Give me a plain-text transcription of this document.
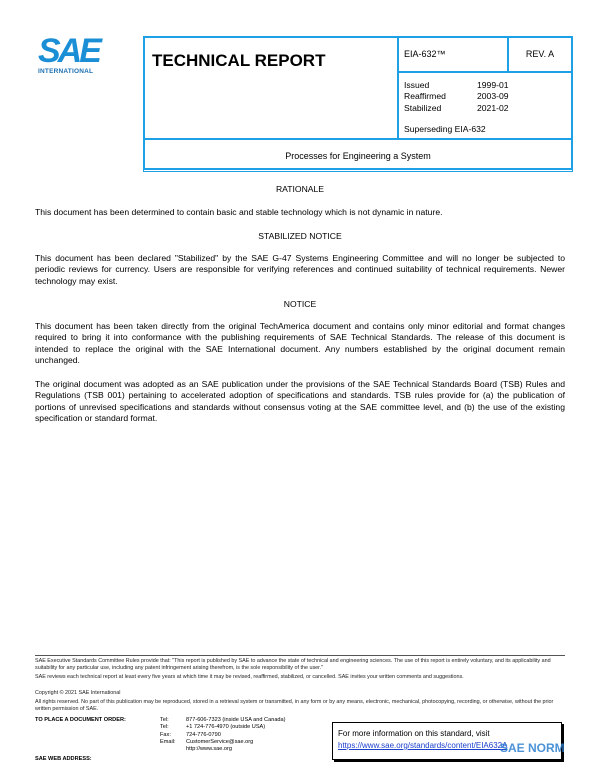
SAE
INTERNATIONAL
TECHNICAL REPORT	EIA-632™	REV. A
Issued	1999-01
Reaffirmed	2003-09
Stabilized	2021-02
Superseding EIA-632
Processes for Engineering a System
RATIONALE
This document has been determined to contain basic and stable technology which is not dynamic in nature.
STABILIZED NOTICE
This document has been declared "Stabilized" by the SAE G-47 Systems Engineering Committee and will no longer be subjected to periodic reviews for currency. Users are responsible for verifying references and continued suitability of technical requirements. Newer technology may exist.
NOTICE
This document has been taken directly from the original TechAmerica document and contains only minor editorial and format changes required to bring it into conformance with the publishing requirements of SAE Technical Standards. The release of this document is intended to replace the original with the SAE International document. Any numbers established by the original document remain unchanged.
The original document was adopted as an SAE publication under the provisions of the SAE Technical Standards Board (TSB) Rules and Regulations (TSB 001) pertaining to accelerated adoption of specifications and standards. TSB rules provide for (a) the publication of portions of unrevised specifications and standards without consensus voting at the SAE committee level, and (b) the use of the existing specification or standard format.
SAE Executive Standards Committee Rules provide that: "This report is published by SAE to advance the state of technical and engineering sciences. The use of this report is entirely voluntary, and its applicability and suitability for any particular use, including any patent infringement arising therefrom, is the sole responsibility of the user."
SAE reviews each technical report at least every five years at which time it may be revised, reaffirmed, stabilized, or cancelled. SAE invites your written comments and suggestions.
Copyright © 2021 SAE International
All rights reserved. No part of this publication may be reproduced, stored in a retrieval system or transmitted, in any form or by any means, electronic, mechanical, photocopying, recording, or otherwise, without the prior written permission of SAE.
TO PLACE A DOCUMENT ORDER:	Tel:	877-606-7323 (inside USA and Canada)
Tel:	+1 724-776-4970 (outside USA)
Fax:	724-776-0790
Email: CustomerService@sae.org
http://www.sae.org
SAE WEB ADDRESS:
For more information on this standard, visit
https://www.sae.org/standards/content/EIA632A
SAE NORM
